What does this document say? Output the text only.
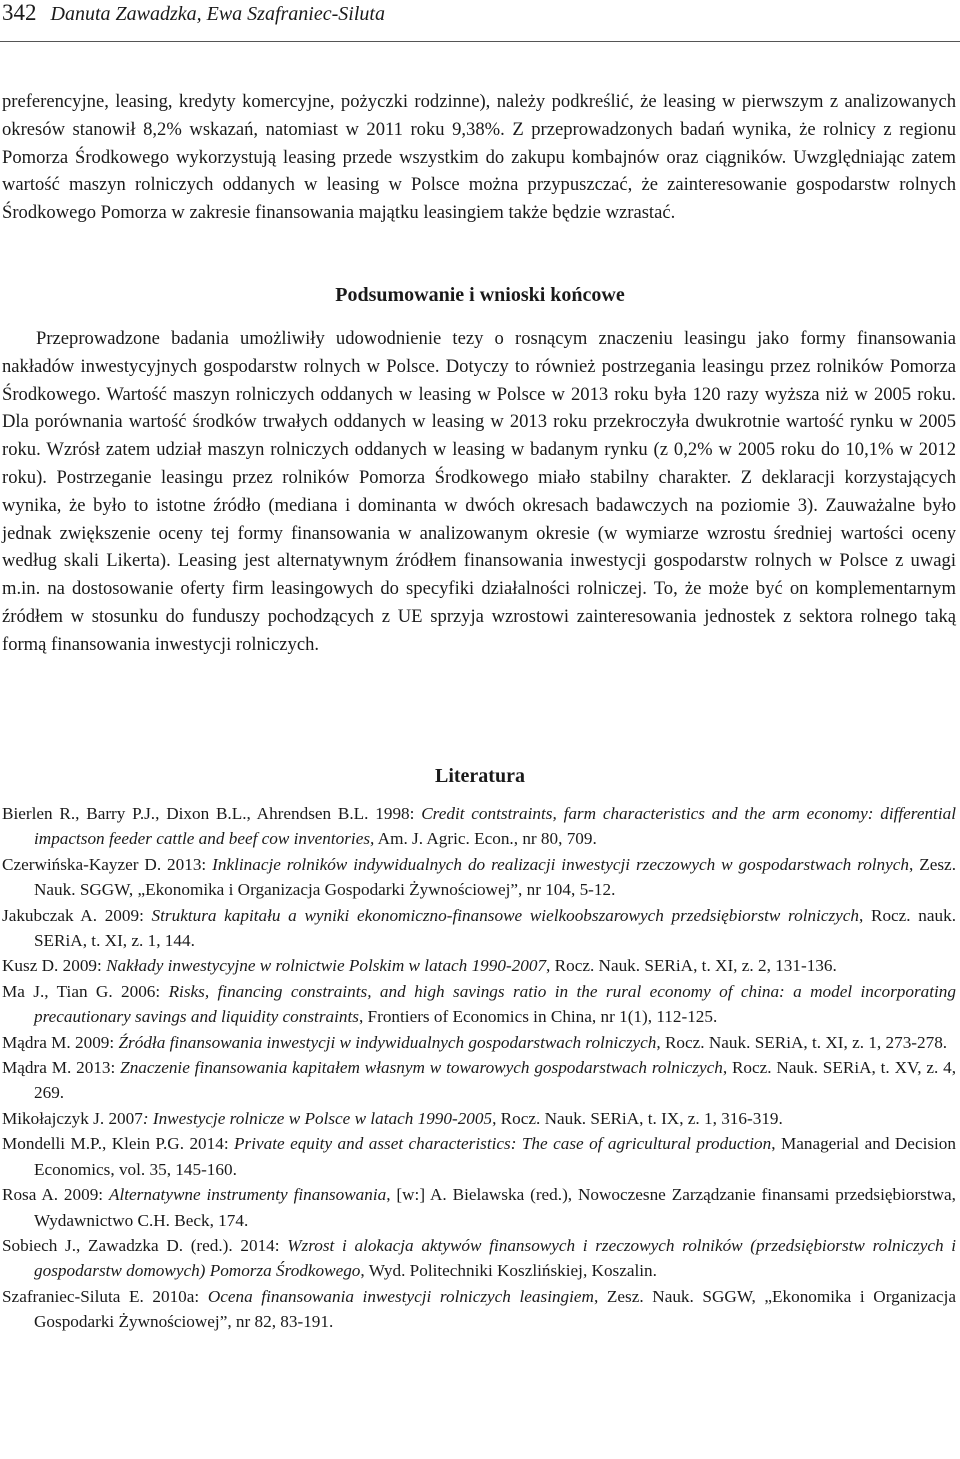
342 Danuta Zawadzka, Ewa Szafraniec-Siluta

preferencyjne, leasing, kredyty komercyjne, pożyczki rodzinne), należy podkreślić, że leasing w pierwszym z analizowanych okresów stanowił 8,2% wskazań, natomiast w 2011 roku 9,38%. Z przeprowadzonych badań wynika, że rolnicy z regionu Pomorza Środkowego wykorzystują leasing przede wszystkim do zakupu kombajnów oraz ciągników. Uwzględniając zatem wartość maszyn rolniczych oddanych w leasing w Polsce można przypuszczać, że zainteresowanie gospodarstw rolnych Środkowego Pomorza w zakresie finansowania majątku leasingiem także będzie wzrastać.

Podsumowanie i wnioski końcowe

Przeprowadzone badania umożliwiły udowodnienie tezy o rosnącym znaczeniu leasingu jako formy finansowania nakładów inwestycyjnych gospodarstw rolnych w Polsce. Dotyczy to również postrzegania leasingu przez rolników Pomorza Środkowego. Wartość maszyn rolniczych oddanych w leasing w Polsce w 2013 roku była 120 razy wyższa niż w 2005 roku. Dla porównania wartość środków trwałych oddanych w leasing w 2013 roku przekroczyła dwukrotnie wartość rynku w 2005 roku. Wzrósł zatem udział maszyn rolniczych oddanych w leasing w badanym rynku (z 0,2% w 2005 roku do 10,1% w 2012 roku). Postrzeganie leasingu przez rolników Pomorza Środkowego miało stabilny charakter. Z deklaracji korzystających wynika, że było to istotne źródło (mediana i dominanta w dwóch okresach badawczych na poziomie 3). Zauważalne było jednak zwiększenie oceny tej formy finansowania w analizowanym okresie (w wymiarze wzrostu średniej wartości oceny według skali Likerta). Leasing jest alternatywnym źródłem finansowania inwestycji gospodarstw rolnych w Polsce z uwagi m.in. na dostosowanie oferty firm leasingowych do specyfiki działalności rolniczej. To, że może być on komplementarnym źródłem w stosunku do funduszy pochodzących z UE sprzyja wzrostowi zainteresowania jednostek z sektora rolnego taką formą finansowania inwestycji rolniczych.

Literatura
Bierlen R., Barry P.J., Dixon B.L., Ahrendsen B.L. 1998: Credit contstraints, farm characteristics and the arm economy: differential impactson feeder cattle and beef cow inventories, Am. J. Agric. Econ., nr 80, 709.
Czerwińska-Kayzer D. 2013: Inklinacje rolników indywidualnych do realizacji inwestycji rzeczowych w gospodarstwach rolnych, Zesz. Nauk. SGGW, „Ekonomika i Organizacja Gospodarki Żywnościowej”, nr 104, 5-12.
Jakubczak A. 2009: Struktura kapitału a wyniki ekonomiczno-finansowe wielkoobszarowych przedsiębiorstw rolniczych, Rocz. nauk. SERiA, t. XI, z. 1, 144.
Kusz D. 2009: Nakłady inwestycyjne w rolnictwie Polskim w latach 1990-2007, Rocz. Nauk. SERiA, t. XI, z. 2, 131-136.
Ma J., Tian G. 2006: Risks, financing constraints, and high savings ratio in the rural economy of china: a model incorporating precautionary savings and liquidity constraints, Frontiers of Economics in China, nr 1(1), 112-125.
Mądra M. 2009: Źródła finansowania inwestycji w indywidualnych gospodarstwach rolniczych, Rocz. Nauk. SERiA, t. XI, z. 1, 273-278.
Mądra M. 2013: Znaczenie finansowania kapitałem własnym w towarowych gospodarstwach rolniczych, Rocz. Nauk. SERiA, t. XV, z. 4, 269.
Mikołajczyk J. 2007: Inwestycje rolnicze w Polsce w latach 1990-2005, Rocz. Nauk. SERiA, t. IX, z. 1, 316-319.
Mondelli M.P., Klein P.G. 2014: Private equity and asset characteristics: The case of agricultural production, Managerial and Decision Economics, vol. 35, 145-160.
Rosa A. 2009: Alternatywne instrumenty finansowania, [w:] A. Bielawska (red.), Nowoczesne Zarządzanie finansami przedsiębiorstwa, Wydawnictwo C.H. Beck, 174.
Sobiech J., Zawadzka D. (red.). 2014: Wzrost i alokacja aktywów finansowych i rzeczowych rolników (przedsiębiorstw rolniczych i gospodarstw domowych) Pomorza Środkowego, Wyd. Politechniki Koszlińskiej, Koszalin.
Szafraniec-Siluta E. 2010a: Ocena finansowania inwestycji rolniczych leasingiem, Zesz. Nauk. SGGW, „Ekonomika i Organizacja Gospodarki Żywnościowej”, nr 82, 83-191.
